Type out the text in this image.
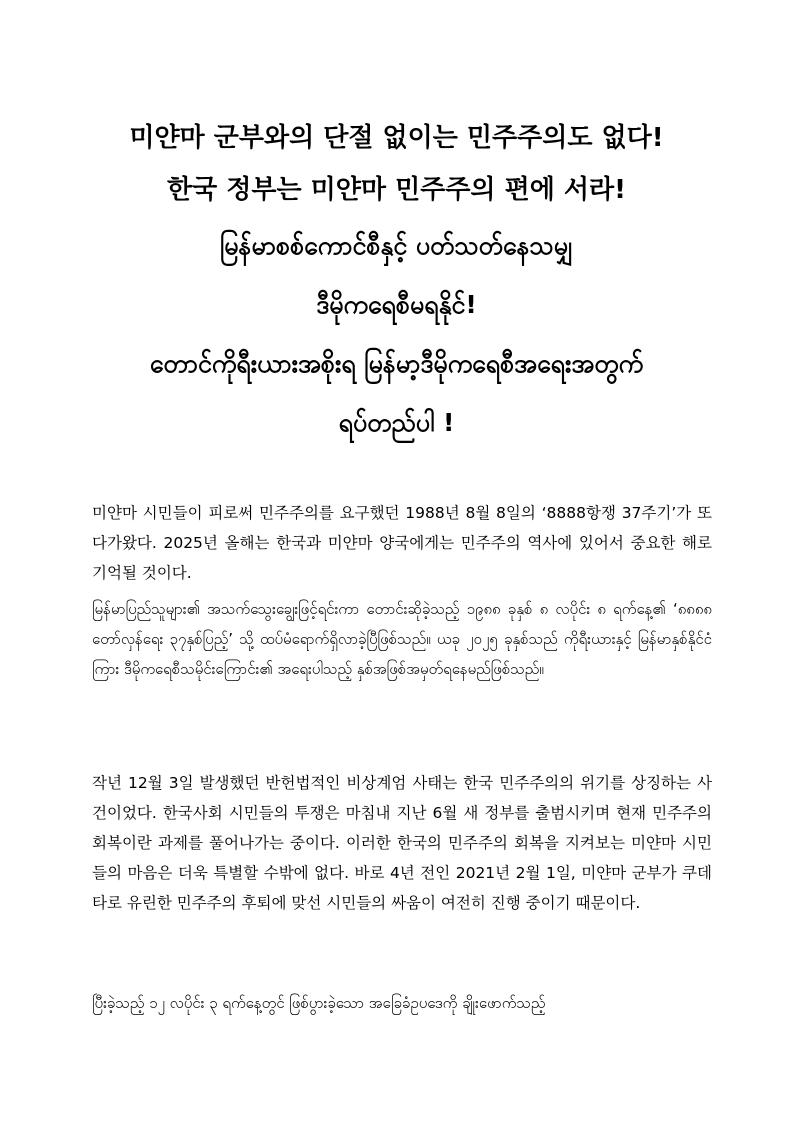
미얀마 군부와의 단절 없이는 민주주의도 없다!
한국 정부는 미얀마 민주주의 편에 서라!
မြန်မာစစ်ကောင်စီနှင့် ပတ်သတ်နေသမျှ
ဒီမိုကရေစီမရနိုင်!
တောင်ကိုရီးယားအစိုးရ မြန်မာ့ဒီမိုကရေစီအရေးအတွက်
ရပ်တည်ပါ !

미얀마 시민들이 피로써 민주주의를 요구했던 1988년 8월 8일의 ‘8888항쟁 37주기’가 또 다가왔다. 2025년 올해는 한국과 미얀마 양국에게는 민주주의 역사에 있어서 중요한 해로 기억될 것이다.

မြန်မာပြည်သူများ၏ အသက်သွေးချွေးဖြင့်ရင်းကာ တောင်းဆိုခဲ့သည့် ၁၉၈၈ ခုနှစ် ၈ လပိုင်း ၈ ရက်နေ့၏ ‘၈၈၈၈ တော်လှန်ရေး ၃၇နှစ်ပြည့်’ သို့ ထပ်မံရောက်ရှိလာခဲ့ပြီဖြစ်သည်။ ယခု ၂၀၂၅ ခုနှစ်သည် ကိုရီးယားနှင့် မြန်မာနှစ်နိုင်ငံကြား ဒီမိုကရေစီသမိုင်းကြောင်း၏ အရေးပါသည့် နှစ်အဖြစ်အမှတ်ရနေမည်ဖြစ်သည်။

작년 12월 3일 발생했던 반헌법적인 비상계엄 사태는 한국 민주주의의 위기를 상징하는 사건이었다. 한국사회 시민들의 투쟁은 마침내 지난 6월 새 정부를 출범시키며 현재 민주주의 회복이란 과제를 풀어나가는 중이다. 이러한 한국의 민주주의 회복을 지켜보는 미얀마 시민들의 마음은 더욱 특별할 수밖에 없다. 바로 4년 전인 2021년 2월 1일, 미얀마 군부가 쿠데타로 유린한 민주주의 후퇴에 맞선 시민들의 싸움이 여전히 진행 중이기 때문이다.

ပြီးခဲ့သည့် ၁၂ လပိုင်း ၃ ရက်နေ့တွင် ဖြစ်ပွားခဲ့သော အခြေခံဥပဒေကို ချိုးဖောက်သည့်
